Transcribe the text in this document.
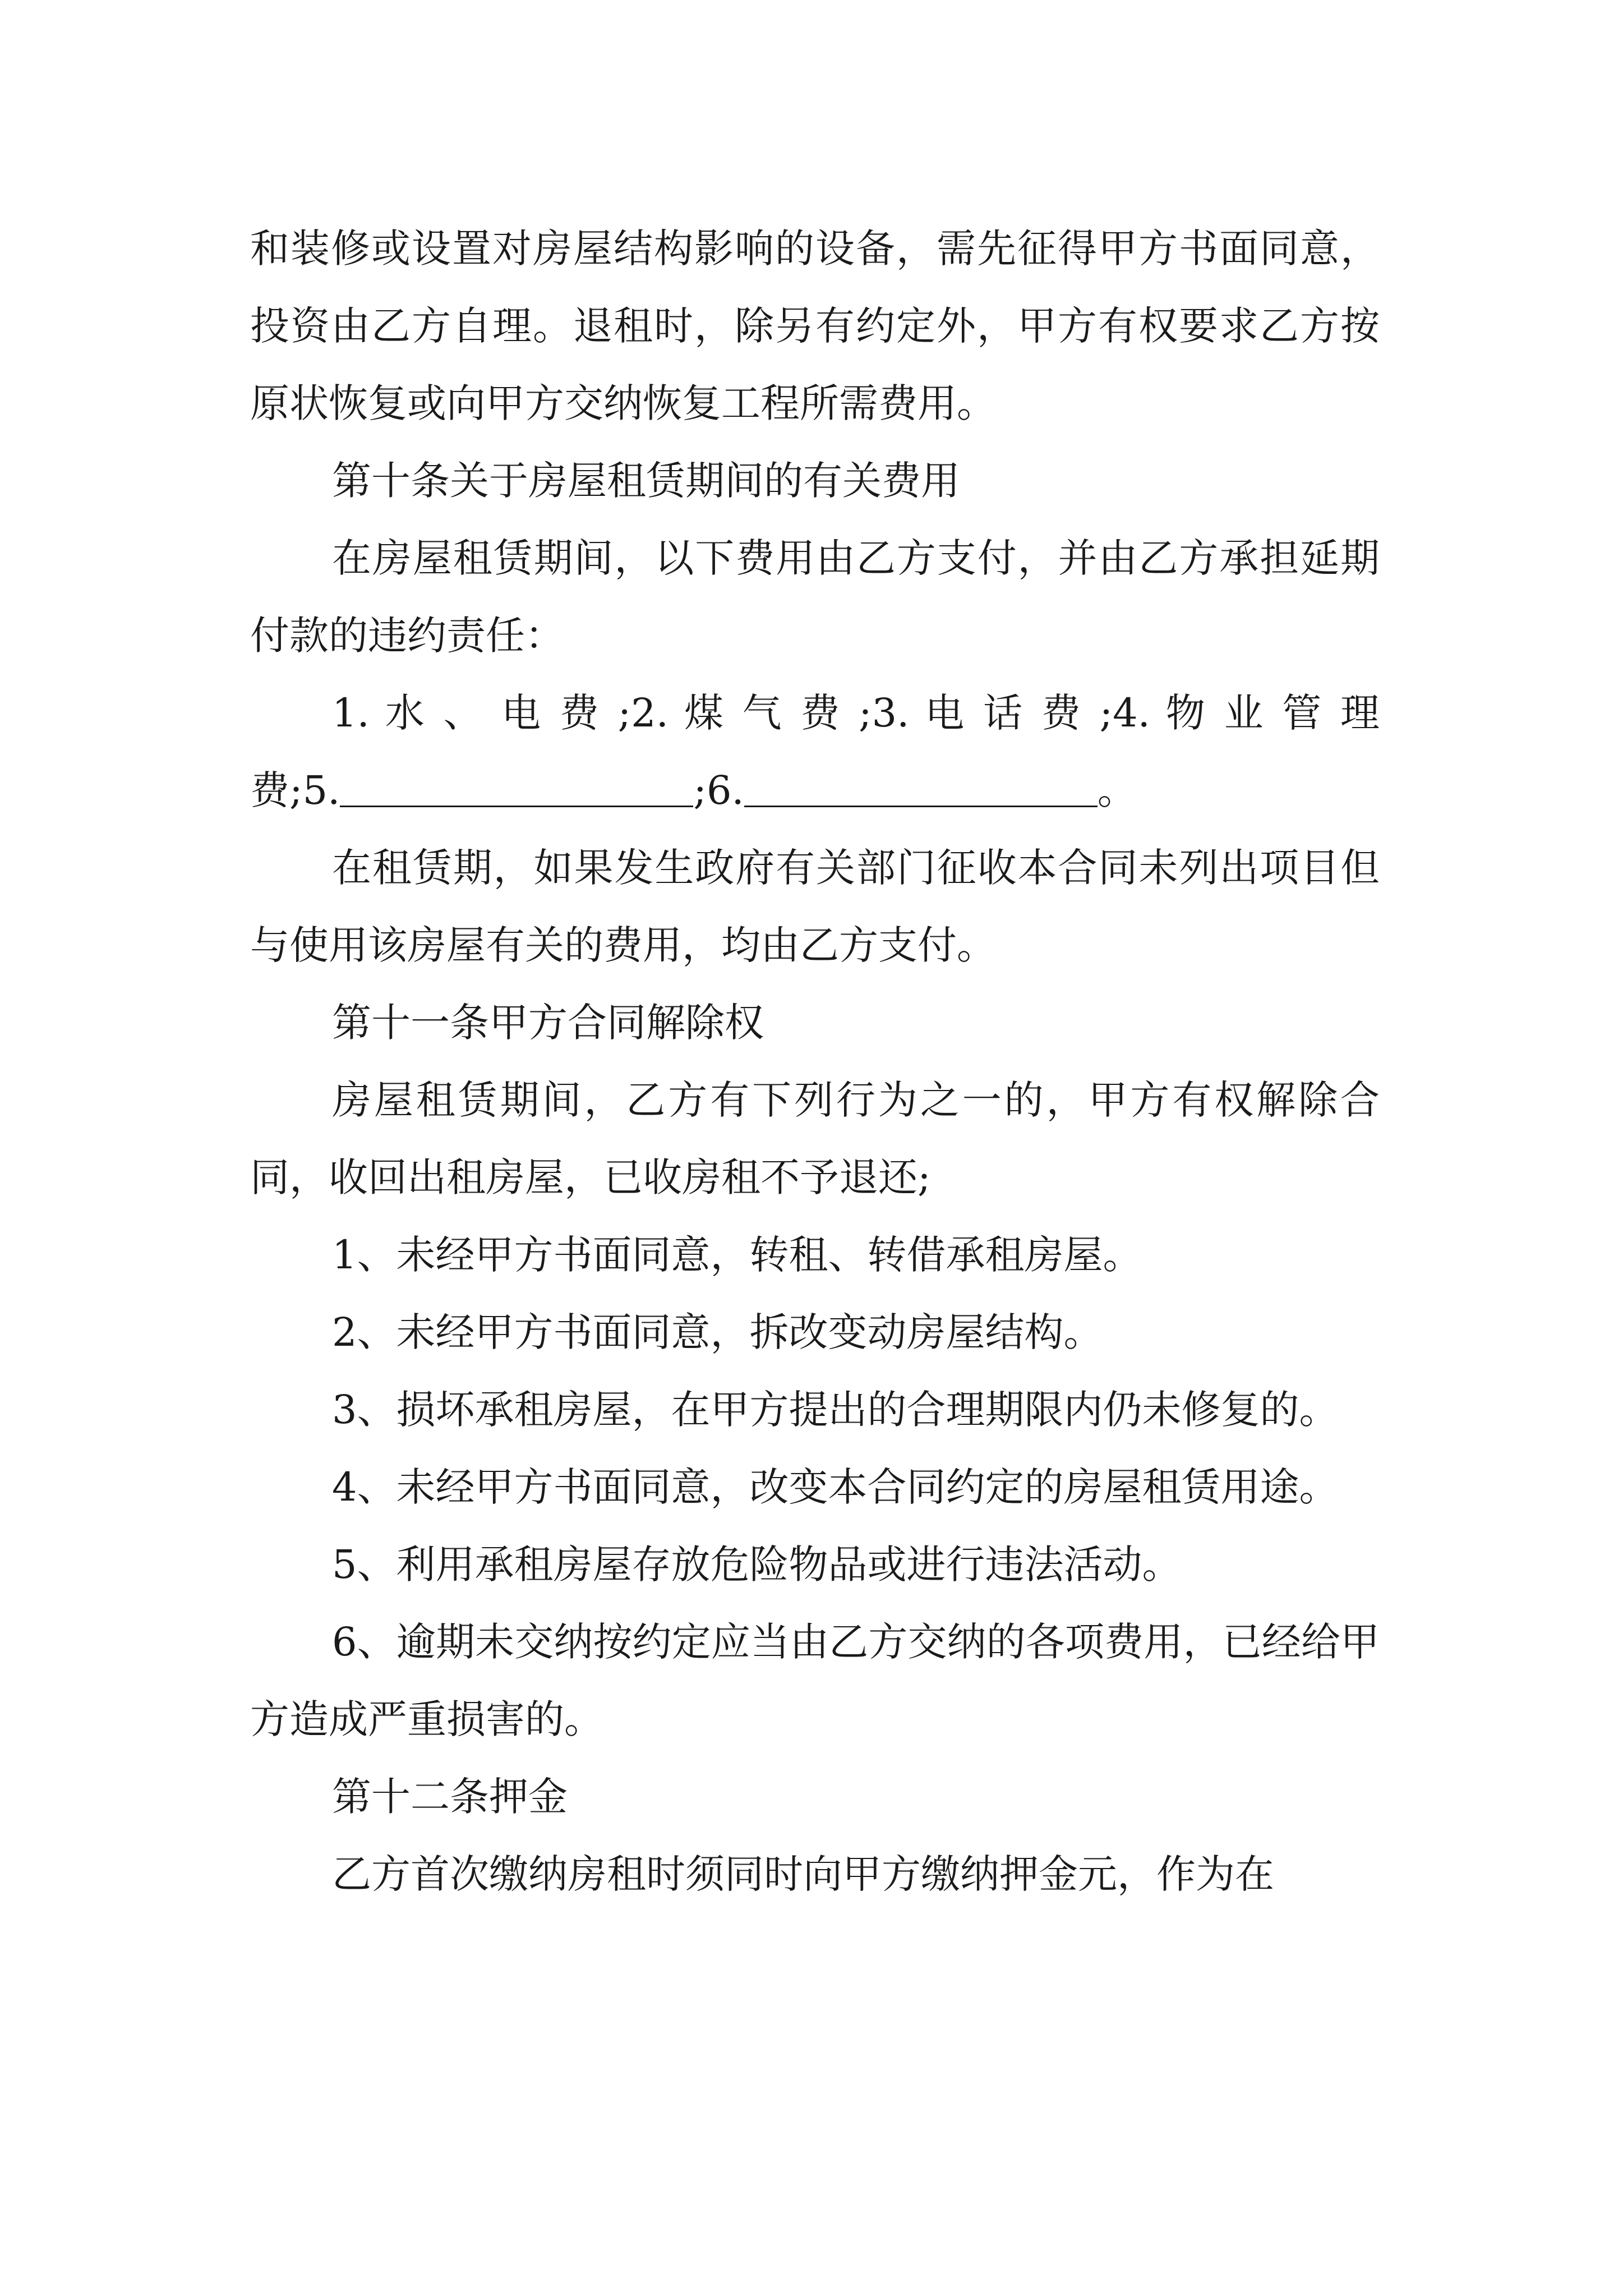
和装修或设置对房屋结构影响的设备，需先征得甲方书面同意，投资由乙方自理。退租时，除另有约定外，甲方有权要求乙方按原状恢复或向甲方交纳恢复工程所需费用。

第十条关于房屋租赁期间的有关费用

在房屋租赁期间，以下费用由乙方支付，并由乙方承担延期付款的违约责任：

1. 水 、 电 费 ;2. 煤 气 费 ;3. 电 话 费 ;4. 物 业 管 理 费;5.	;6.	。

在租赁期，如果发生政府有关部门征收本合同未列出项目但与使用该房屋有关的费用，均由乙方支付。

第十一条甲方合同解除权

房屋租赁期间，乙方有下列行为之一的，甲方有权解除合同，收回出租房屋，已收房租不予退还;

1、未经甲方书面同意，转租、转借承租房屋。

2、未经甲方书面同意，拆改变动房屋结构。

3、损坏承租房屋，在甲方提出的合理期限内仍未修复的。

4、未经甲方书面同意，改变本合同约定的房屋租赁用途。

5、利用承租房屋存放危险物品或进行违法活动。

6、逾期未交纳按约定应当由乙方交纳的各项费用，已经给甲方造成严重损害的。

第十二条押金

乙方首次缴纳房租时须同时向甲方缴纳押金元，作为在
